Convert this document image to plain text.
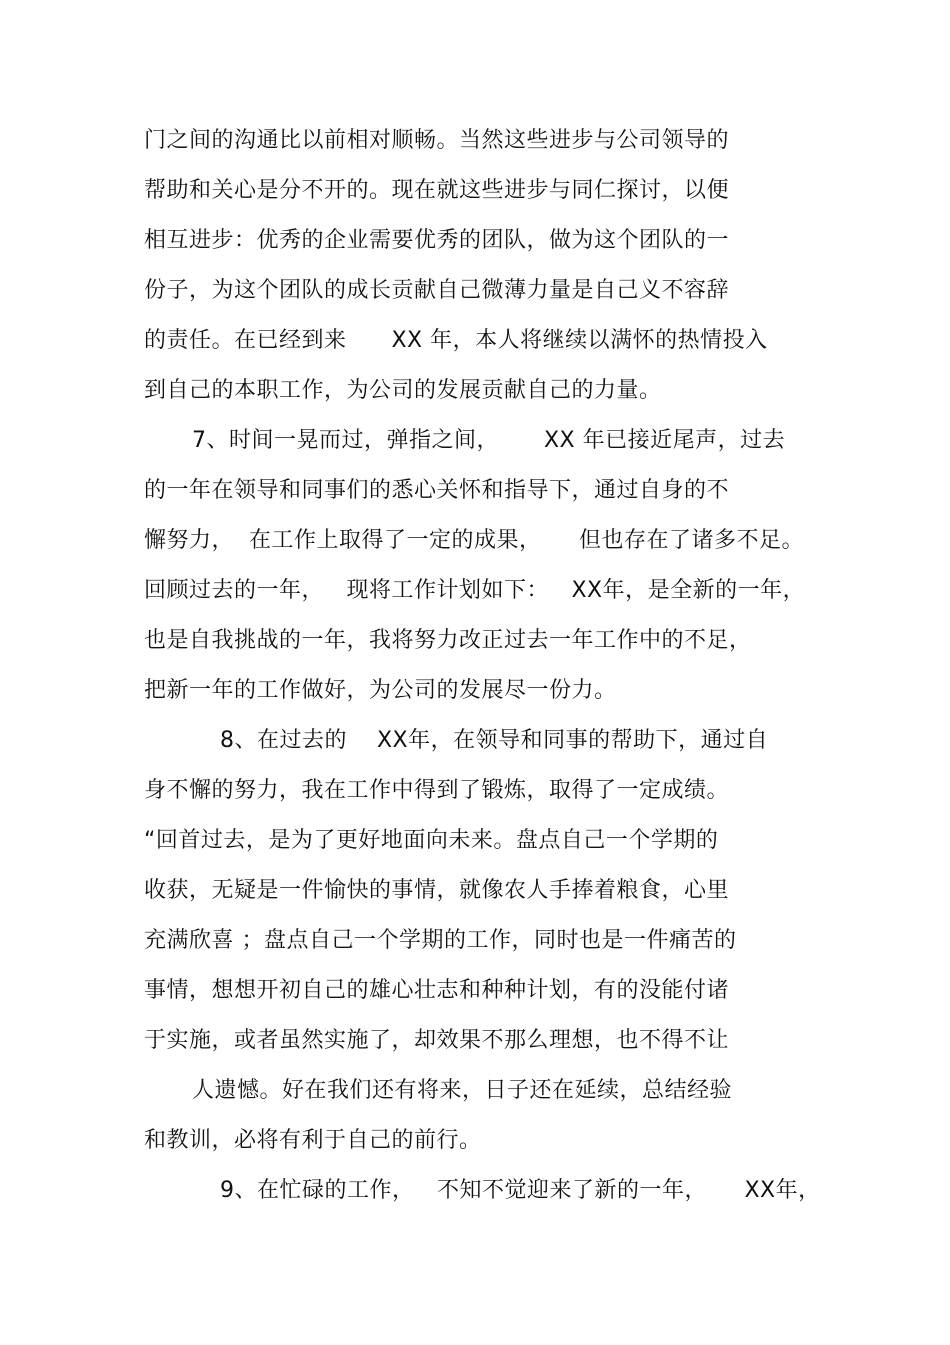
门之间的沟通比以前相对顺畅。当然这些进步与公司领导的
帮助和关心是分不开的。现在就这些进步与同仁探讨，以便
相互进步：优秀的企业需要优秀的团队，做为这个团队的一
份子，为这个团队的成长贡献自己微薄力量是自己义不容辞
的责任。在已经到来      XX 年，本人将继续以满怀的热情投入
到自己的本职工作，为公司的发展贡献自己的力量。
7、时间一晃而过，弹指之间，      XX 年已接近尾声，过去
的一年在领导和同事们的悉心关怀和指导下，通过自身的不
懈努力，  在工作上取得了一定的成果，     但也存在了诸多不足。
回顾过去的一年，   现将工作计划如下：   XX年，是全新的一年，
也是自我挑战的一年，我将努力改正过去一年工作中的不足，
把新一年的工作做好，为公司的发展尽一份力。
8、在过去的    XX年，在领导和同事的帮助下，通过自
身不懈的努力，我在工作中得到了锻炼，取得了一定成绩。
“回首过去，是为了更好地面向未来。盘点自己一个学期的
收获，无疑是一件愉快的事情，就像农人手捧着粮食，心里
充满欣喜 ；盘点自己一个学期的工作，同时也是一件痛苦的
事情，想想开初自己的雄心壮志和种种计划，有的没能付诸
于实施，或者虽然实施了，却效果不那么理想，也不得不让
人遗憾。好在我们还有将来，日子还在延续，总结经验
和教训，必将有利于自己的前行。
9、在忙碌的工作，   不知不觉迎来了新的一年，     XX年，
